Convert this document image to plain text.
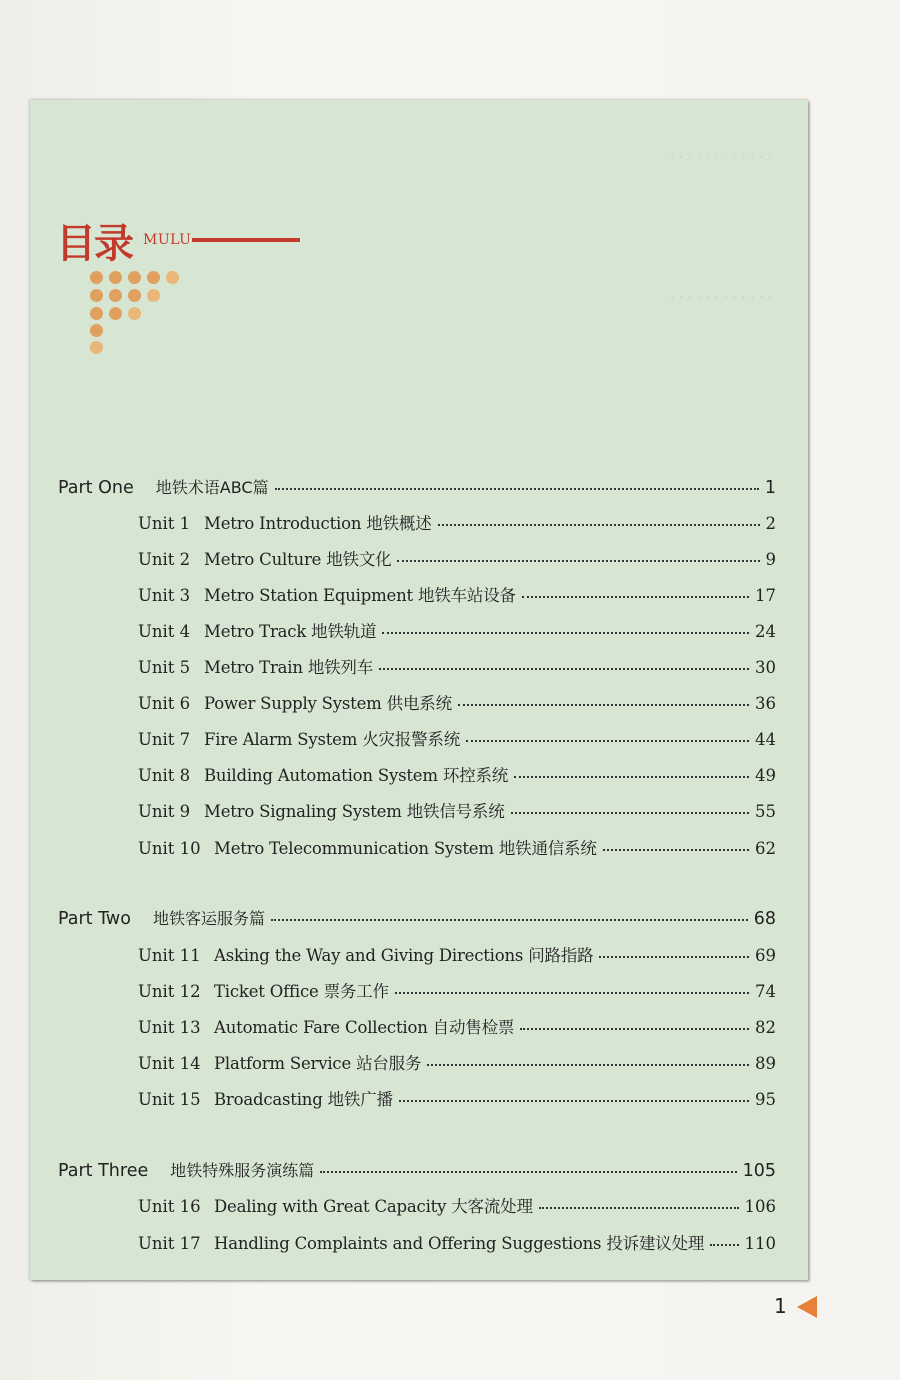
· · · · · · · · · · · ·
· · · · · · · · · · · ·
目录 MULU
Part One 地铁术语ABC篇	1
Unit 1 Metro Introduction 地铁概述	2
Unit 2 Metro Culture 地铁文化	9
Unit 3 Metro Station Equipment 地铁车站设备	17
Unit 4 Metro Track 地铁轨道	24
Unit 5 Metro Train 地铁列车	30
Unit 6 Power Supply System 供电系统	36
Unit 7 Fire Alarm System 火灾报警系统	44
Unit 8 Building Automation System 环控系统	49
Unit 9 Metro Signaling System 地铁信号系统	55
Unit 10 Metro Telecommunication System 地铁通信系统	62
Part Two 地铁客运服务篇	68
Unit 11 Asking the Way and Giving Directions 问路指路	69
Unit 12 Ticket Office 票务工作	74
Unit 13 Automatic Fare Collection 自动售检票	82
Unit 14 Platform Service 站台服务	89
Unit 15 Broadcasting 地铁广播	95
Part Three 地铁特殊服务演练篇	105
Unit 16 Dealing with Great Capacity 大客流处理	106
Unit 17 Handling Complaints and Offering Suggestions 投诉建议处理 110
1
